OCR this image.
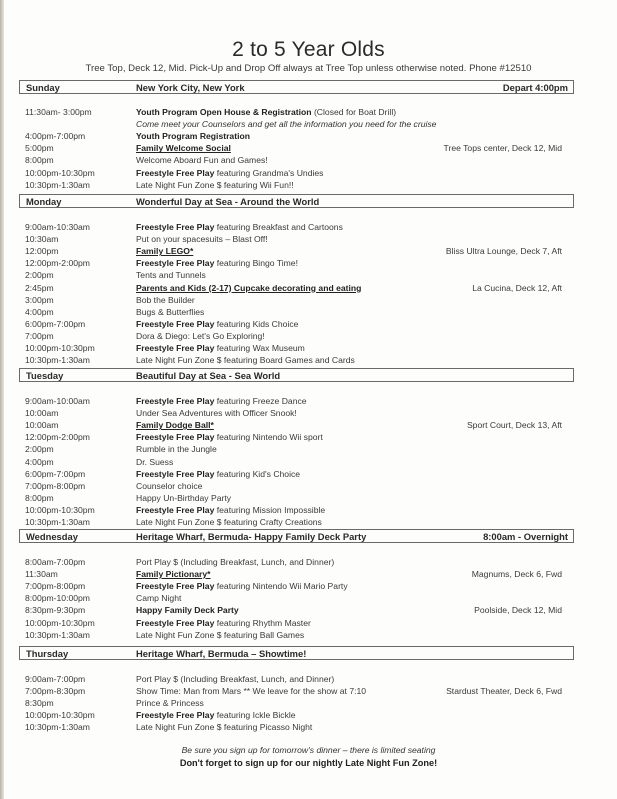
2 to 5 Year Olds
Tree Top, Deck 12, Mid. Pick-Up and Drop Off always at Tree Top unless otherwise noted. Phone #12510
Sunday	New York City, New York	Depart 4:00pm
11:30am- 3:00pm	Youth Program Open House & Registration (Closed for Boat Drill)
Come meet your Counselors and get all the information you need for the cruise
4:00pm-7:00pm	Youth Program Registration
5:00pm	Family Welcome Social	Tree Tops center, Deck 12, Mid
8:00pm	Welcome Aboard Fun and Games!
10:00pm-10:30pm	Freestyle Free Play featuring Grandma's Undies
10:30pm-1:30am	Late Night Fun Zone $ featuring Wii Fun!!
Monday	Wonderful Day at Sea - Around the World
9:00am-10:30am	Freestyle Free Play featuring Breakfast and Cartoons
10:30am	Put on your spacesuits – Blast Off!
12:00pm	Family LEGO*	Bliss Ultra Lounge, Deck 7, Aft
12:00pm-2:00pm	Freestyle Free Play featuring Bingo Time!
2:00pm	Tents and Tunnels
2:45pm	Parents and Kids (2-17) Cupcake decorating and eating	La Cucina, Deck 12, Aft
3:00pm	Bob the Builder
4:00pm	Bugs & Butterflies
6:00pm-7:00pm	Freestyle Free Play featuring Kids Choice
7:00pm	Dora & Diego: Let's Go Exploring!
10:00pm-10:30pm	Freestyle Free Play featuring Wax Museum
10:30pm-1:30am	Late Night Fun Zone $ featuring Board Games and Cards
Tuesday	Beautiful Day at Sea - Sea World
9:00am-10:00am	Freestyle Free Play featuring Freeze Dance
10:00am	Under Sea Adventures with Officer Snook!
10:00am	Family Dodge Ball*	Sport Court, Deck 13, Aft
12:00pm-2:00pm	Freestyle Free Play featuring Nintendo Wii sport
2:00pm	Rumble in the Jungle
4:00pm	Dr. Suess
6:00pm-7:00pm	Freestyle Free Play featuring Kid's Choice
7:00pm-8:00pm	Counselor choice
8:00pm	Happy Un-Birthday Party
10:00pm-10:30pm	Freestyle Free Play featuring Mission Impossible
10:30pm-1:30am	Late Night Fun Zone $ featuring Crafty Creations
Wednesday	Heritage Wharf, Bermuda- Happy Family Deck Party	8:00am - Overnight
8:00am-7:00pm	Port Play $ (Including Breakfast, Lunch, and Dinner)
11:30am	Family Pictionary*	Magnums, Deck 6, Fwd
7:00pm-8:00pm	Freestyle Free Play featuring Nintendo Wii Mario Party
8:00pm-10:00pm	Camp Night
8:30pm-9:30pm	Happy Family Deck Party	Poolside, Deck 12, Mid
10:00pm-10:30pm	Freestyle Free Play featuring Rhythm Master
10:30pm-1:30am	Late Night Fun Zone $ featuring Ball Games
Thursday	Heritage Wharf, Bermuda – Showtime!
9:00am-7:00pm	Port Play $ (Including Breakfast, Lunch, and Dinner)
7:00pm-8:30pm	Show Time: Man from Mars ** We leave for the show at 7:10	Stardust Theater, Deck 6, Fwd
8:30pm	Prince & Princess
10:00pm-10:30pm	Freestyle Free Play featuring Ickle Bickle
10:30pm-1:30am	Late Night Fun Zone $ featuring Picasso Night
Be sure you sign up for tomorrow's dinner – there is limited seating
Don't forget to sign up for our nightly Late Night Fun Zone!
